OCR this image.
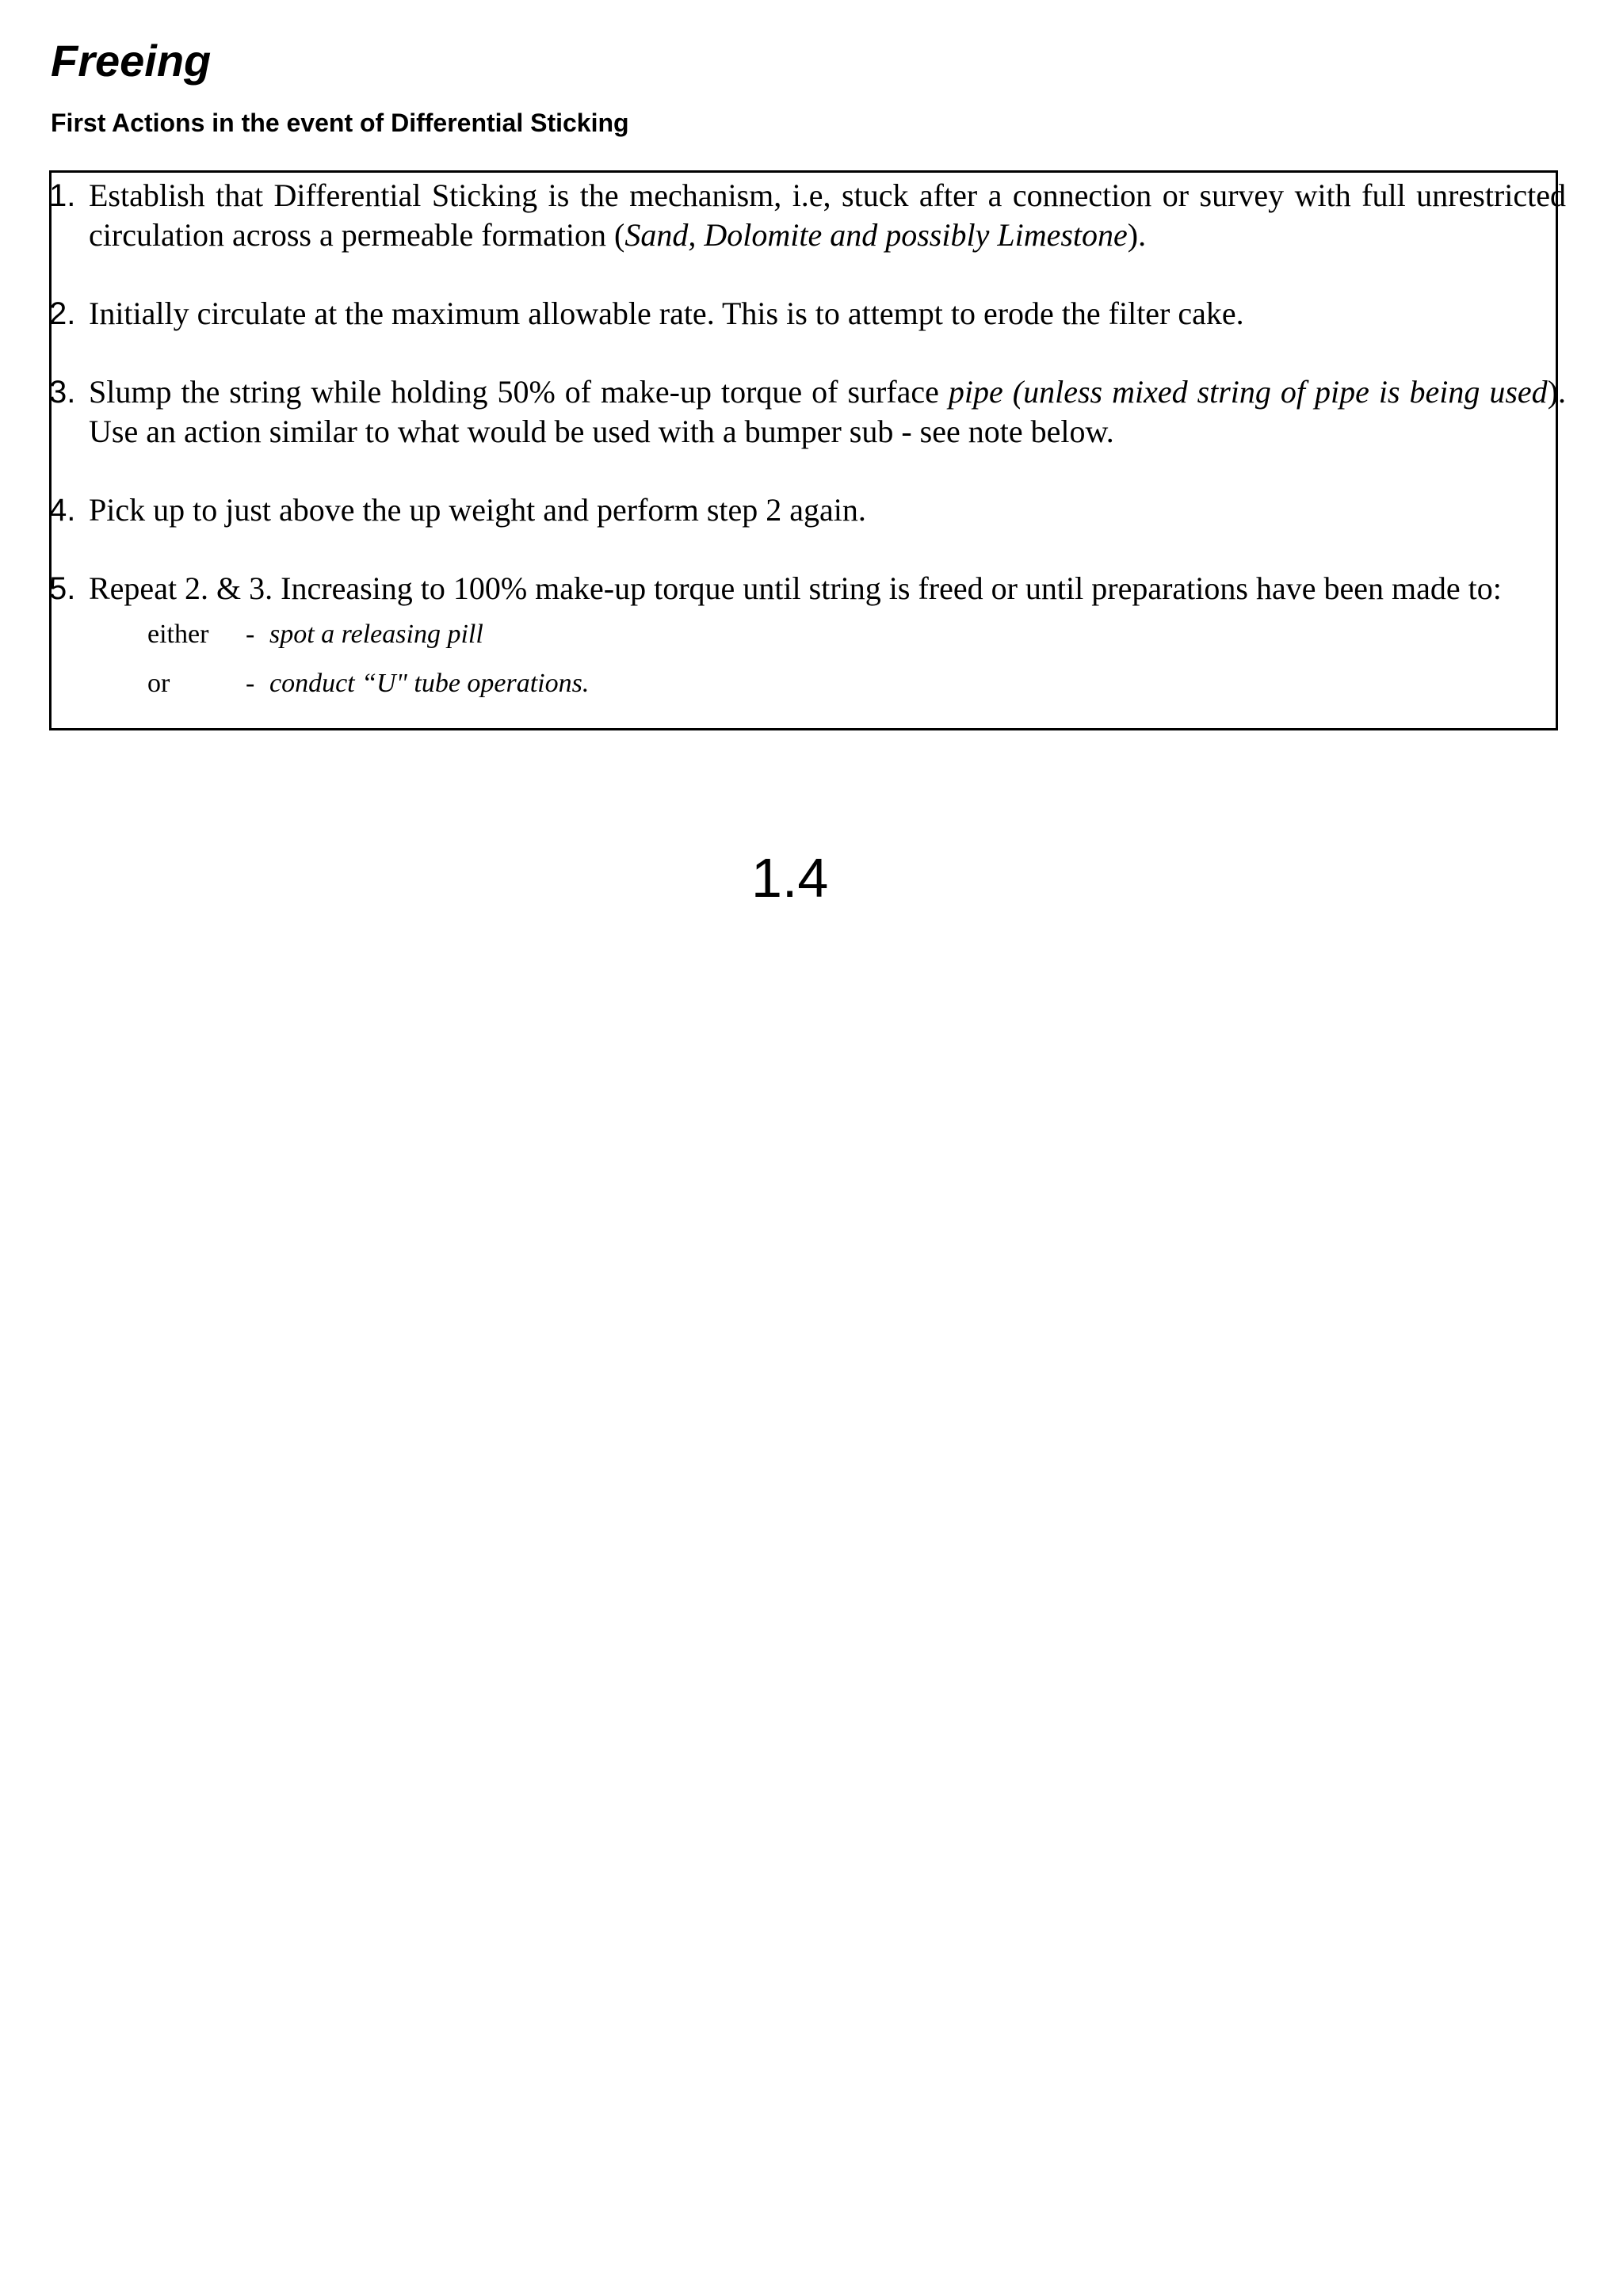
Freeing
First Actions in the event of Differential Sticking
1. Establish that Differential Sticking is the mechanism, i.e, stuck after a connection or survey with full unrestricted circulation across a permeable formation (Sand, Dolomite and possibly Limestone).
2. Initially circulate at the maximum allowable rate. This is to attempt to erode the filter cake.
3. Slump the string while holding 50% of make-up torque of surface pipe (unless mixed string of pipe is being used). Use an action similar to what would be used with a bumper sub - see note below.
4. Pick up to just above the up weight and perform step 2 again.
5. Repeat 2. & 3. Increasing to 100% make-up torque until string is freed or until preparations have been made to:
either - spot a releasing pill
or	- conduct “U" tube operations.

1.4
